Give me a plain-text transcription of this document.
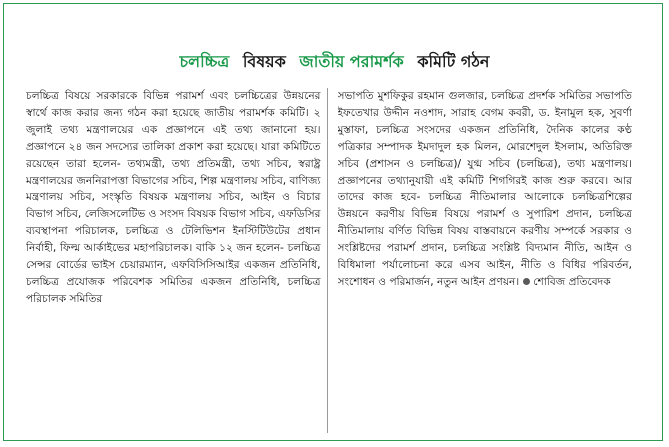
চলচ্চিত্র বিষয়ক জাতীয় পরামর্শক কমিটি গঠন

চলচ্চিত্র বিষয়ে সরকারকে বিভিন্ন পরামর্শ এবং চলচ্চিত্রের উন্নয়নের স্বার্থে কাজ করার জন্য গঠন করা হয়েছে জাতীয় পরামর্শক কমিটি। ২ জুলাই তথ্য মন্ত্রণালয়ের এক প্রজ্ঞাপনে এই তথ্য জানানো হয়। প্রজ্ঞাপনে ২৪ জন সদস্যের তালিকা প্রকাশ করা হয়েছে। যারা কমিটিতে রয়েছেন তারা হলেন- তথ্যমন্ত্রী, তথ্য প্রতিমন্ত্রী, তথ্য সচিব, স্বরাষ্ট্র মন্ত্রণালয়ের জননিরাপত্তা বিভাগের সচিব, শিল্প মন্ত্রণালয় সচিব, বাণিজ্য মন্ত্রণালয় সচিব, সংস্কৃতি বিষয়ক মন্ত্রণালয় সচিব, আইন ও বিচার বিভাগ সচিব, লেজিসলেটিভ ও সংসদ বিষয়ক বিভাগ সচিব, এফডিসির ব্যবস্থাপনা পরিচালক, চলচ্চিত্র ও টেলিভিশন ইনস্টিটিউটের প্রধান নির্বাহী, ফিল্ম আর্কাইভের মহাপরিচালক। বাকি ১২ জন হলেন- চলচ্চিত্র সেন্সর বোর্ডের ভাইস চেয়ারম্যান, এফবিসিসিআইর একজন প্রতিনিধি, চলচ্চিত্র প্রযোজক পরিবেশক সমিতির একজন প্রতিনিধি, চলচ্চিত্র পরিচালক সমিতির

সভাপতি মুশফিকুর রহমান গুলজার, চলচ্চিত্র প্রদর্শক সমিতির সভাপতি ইফতেখার উদ্দীন নওশাদ, সারাহ বেগম কবরী, ড. ইনামুল হক, সুবর্ণা মুস্তাফা, চলচ্চিত্র সংসদের একজন প্রতিনিধি, দৈনিক কালের কণ্ঠ পত্রিকার সম্পাদক ইমদাদুল হক মিলন, মোরশেদুল ইসলাম, অতিরিক্ত সচিব (প্রশাসন ও চলচ্চিত্র)/ যুগ্ম সচিব (চলচ্চিত্র), তথ্য মন্ত্রণালয়। প্রজ্ঞাপনের তথ্যানুযায়ী এই কমিটি শিগগিরই কাজ শুরু করবে। আর তাদের কাজ হবে- চলচ্চিত্র নীতিমালার আলোকে চলচ্চিত্রশিল্পের উন্নয়নে করণীয় বিভিন্ন বিষয়ে পরামর্শ ও সুপারিশ প্রদান, চলচ্চিত্র নীতিমালায় বর্ণিত বিভিন্ন বিষয় বাস্তবায়নে করণীয় সম্পর্কে সরকার ও সংশ্লিষ্টদের পরামর্শ প্রদান, চলচ্চিত্র সংশ্লিষ্ট বিদ্যমান নীতি, আইন ও বিধিমালা পর্যালোচনা করে এসব আইন, নীতি ও বিধির পরিবর্তন, সংশোধন ও পরিমার্জন, নতুন আইন প্রণয়ন। শোবিজ প্রতিবেদক
